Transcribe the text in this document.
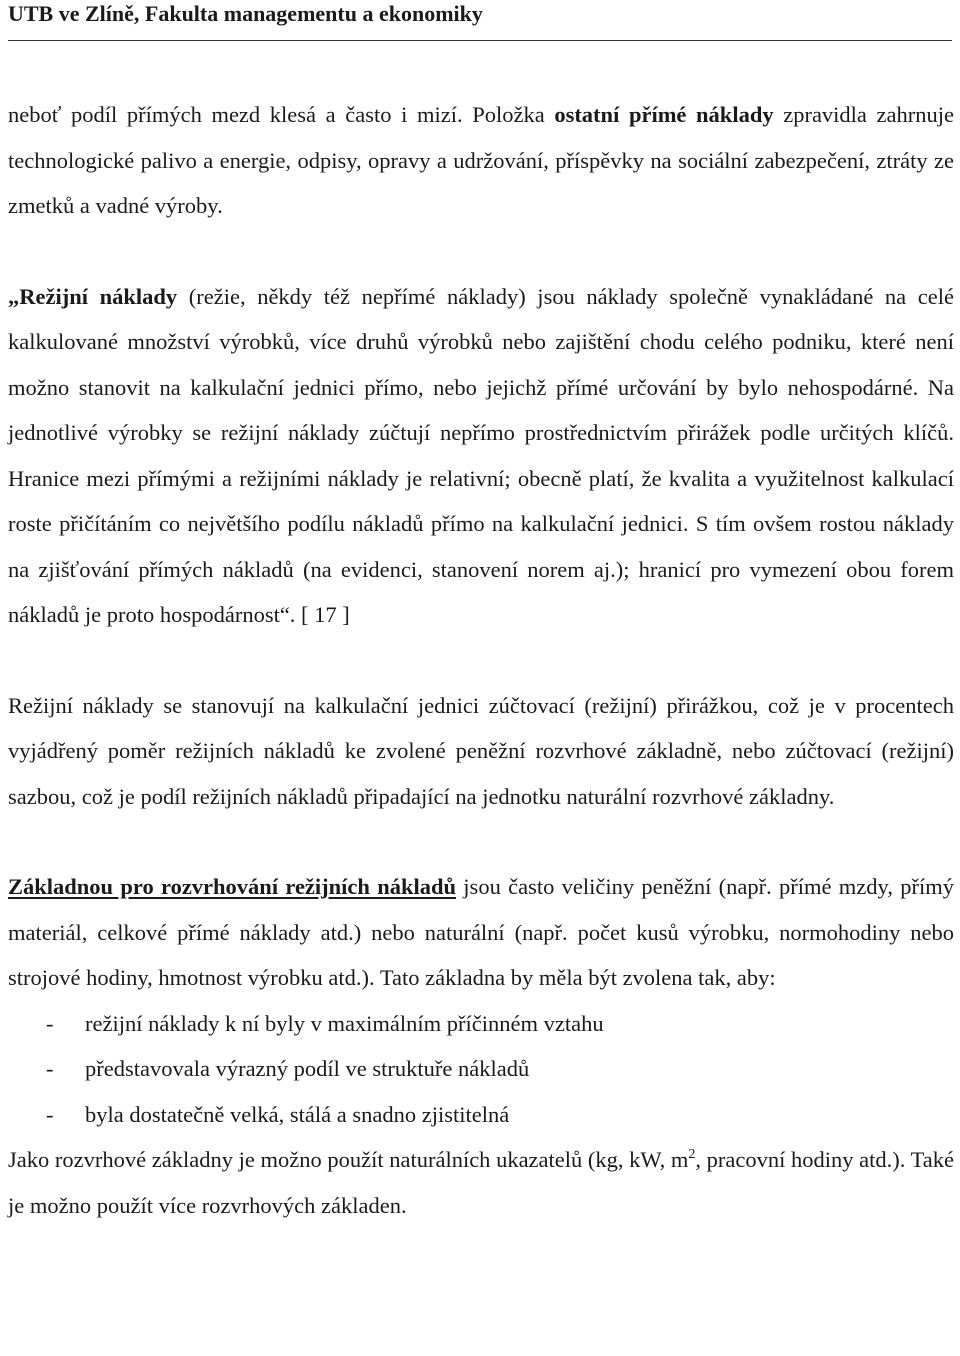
UTB ve Zlíně, Fakulta managementu a ekonomiky

neboť podíl přímých mezd klesá a často i mizí. Položka ostatní přímé náklady zpravidla zahrnuje technologické palivo a energie, odpisy, opravy a udržování, příspěvky na sociální zabezpečení, ztráty ze zmetků a vadné výroby.

„Režijní náklady (režie, někdy též nepřímé náklady) jsou náklady společně vynakládané na celé kalkulované množství výrobků, více druhů výrobků nebo zajištění chodu celého podniku, které není možno stanovit na kalkulační jednici přímo, nebo jejichž přímé určování by bylo nehospodárné. Na jednotlivé výrobky se režijní náklady zúčtují nepřímo prostřednictvím přirážek podle určitých klíčů. Hranice mezi přímými a režijními náklady je relativní; obecně platí, že kvalita a využitelnost kalkulací roste přičítáním co největšího podílu nákladů přímo na kalkulační jednici. S tím ovšem rostou náklady na zjišťování přímých nákladů (na evidenci, stanovení norem aj.); hranicí pro vymezení obou forem nákladů je proto hospodárnost“. [ 17 ]

Režijní náklady se stanovují na kalkulační jednici zúčtovací (režijní) přirážkou, což je v procentech vyjádřený poměr režijních nákladů ke zvolené peněžní rozvrhové základně, nebo zúčtovací (režijní) sazbou, což je podíl režijních nákladů připadající na jednotku naturální rozvrhové základny.

Základnou pro rozvrhování režijních nákladů jsou často veličiny peněžní (např. přímé mzdy, přímý materiál, celkové přímé náklady atd.) nebo naturální (např. počet kusů výrobku, normohodiny nebo strojové hodiny, hmotnost výrobku atd.). Tato základna by měla být zvolena tak, aby:

- režijní náklady k ní byly v maximálním příčinném vztahu
- představovala výrazný podíl ve struktuře nákladů
- byla dostatečně velká, stálá a snadno zjistitelná

Jako rozvrhové základny je možno použít naturálních ukazatelů (kg, kW, $m^2$, pracovní hodiny atd.). Také je možno použít více rozvrhových základen.
